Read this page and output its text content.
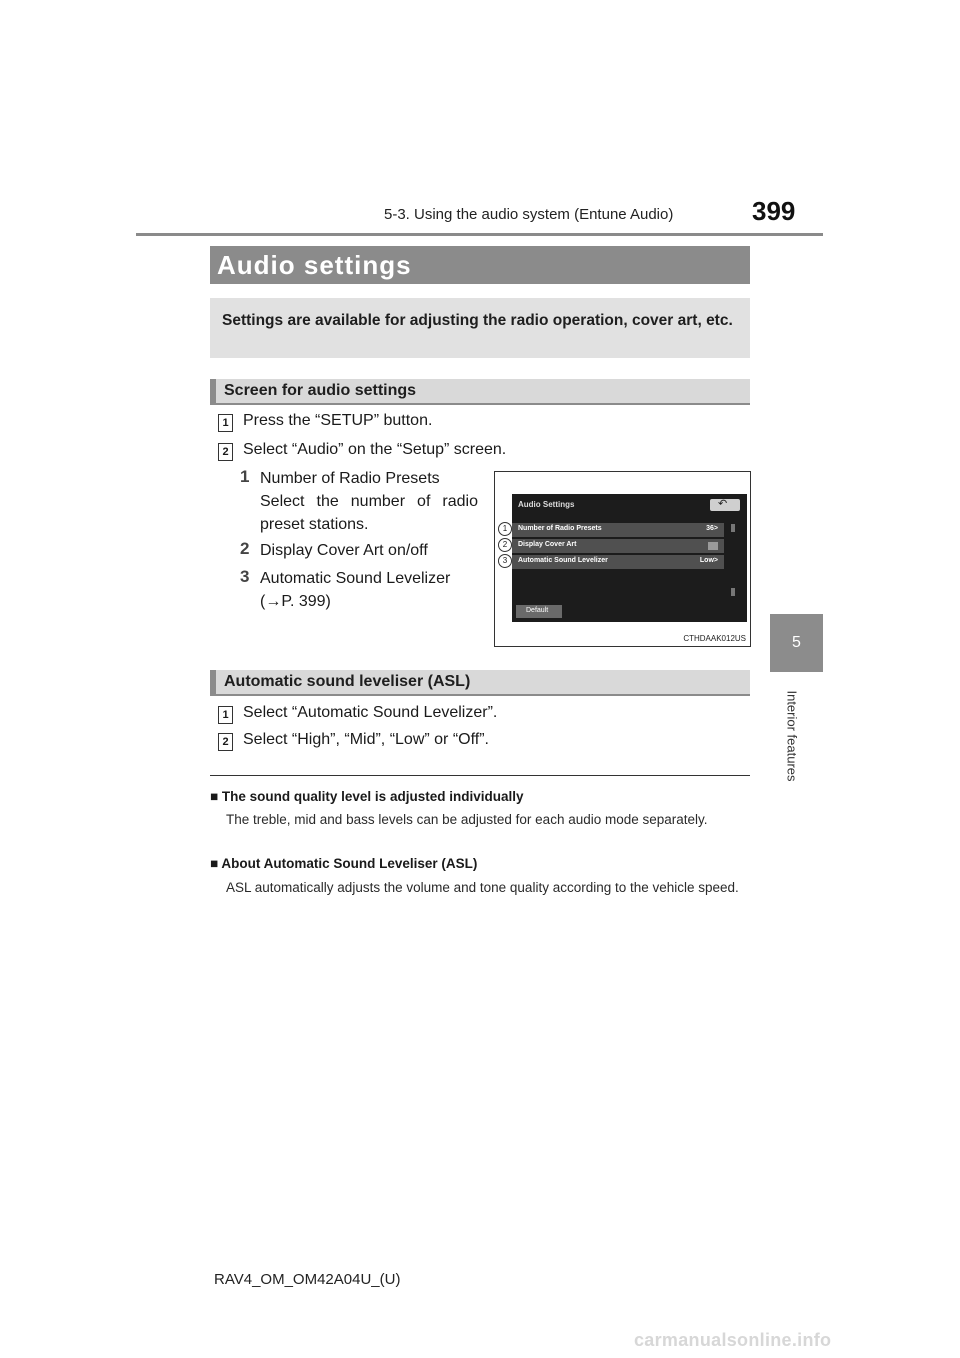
5-3. Using the audio system (Entune Audio)	399
5
Interior features
Audio settings
Settings are available for adjusting the radio operation, cover art, etc.
Screen for audio settings
1 Press the “SETUP” button.
2 Select “Audio” on the “Setup” screen.
1 Number of Radio Presets
Select the number of radio preset stations.
2 Display Cover Art on/off
3 Automatic Sound Levelizer
(→P. 399)
Audio Settings	↶
Number of Radio Presets	36>
Display Cover Art
Automatic Sound Levelizer	Low>
Default
1
2
3
CTHDAAK012US
Automatic sound leveliser (ASL)
1 Select “Automatic Sound Levelizer”.
2 Select “High”, “Mid”, “Low” or “Off”.
■ The sound quality level is adjusted individually
The treble, mid and bass levels can be adjusted for each audio mode separately.
■ About Automatic Sound Leveliser (ASL)
ASL automatically adjusts the volume and tone quality according to the vehicle speed.
RAV4_OM_OM42A04U_(U)
carmanualsonline.info
